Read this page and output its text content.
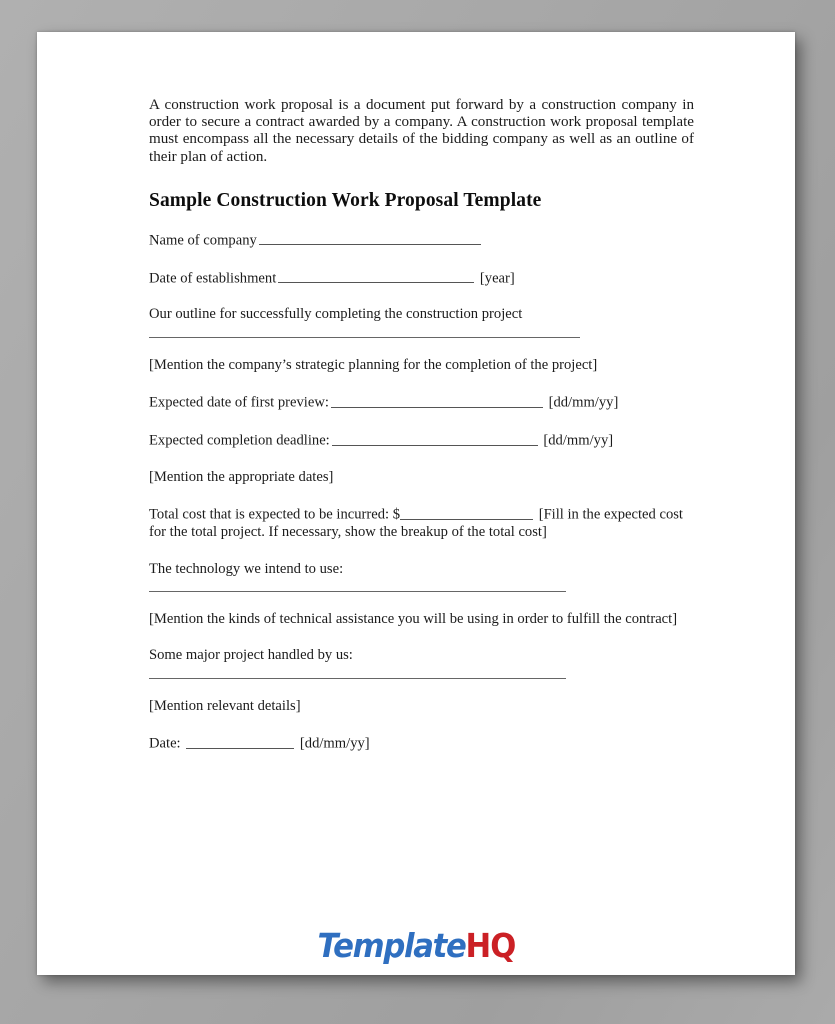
A construction work proposal is a document put forward by a construction company in order to secure a contract awarded by a company. A construction work proposal template must encompass all the necessary details of the bidding company as well as an outline of their plan of action.

Sample Construction Work Proposal Template

Name of company

Date of establishment	[year]

Our outline for successfully completing the construction project

[Mention the company’s strategic planning for the completion of the project]

Expected date of first preview:	[dd/mm/yy]

Expected completion deadline:	[dd/mm/yy]

[Mention the appropriate dates]

Total cost that is expected to be incurred: $	[Fill in the expected cost for the total project. If necessary, show the breakup of the total cost]

The technology we intend to use:

[Mention the kinds of technical assistance you will be using in order to fulfill the contract]

Some major project handled by us:

[Mention relevant details]

Date:	[dd/mm/yy]

TemplateHQ
